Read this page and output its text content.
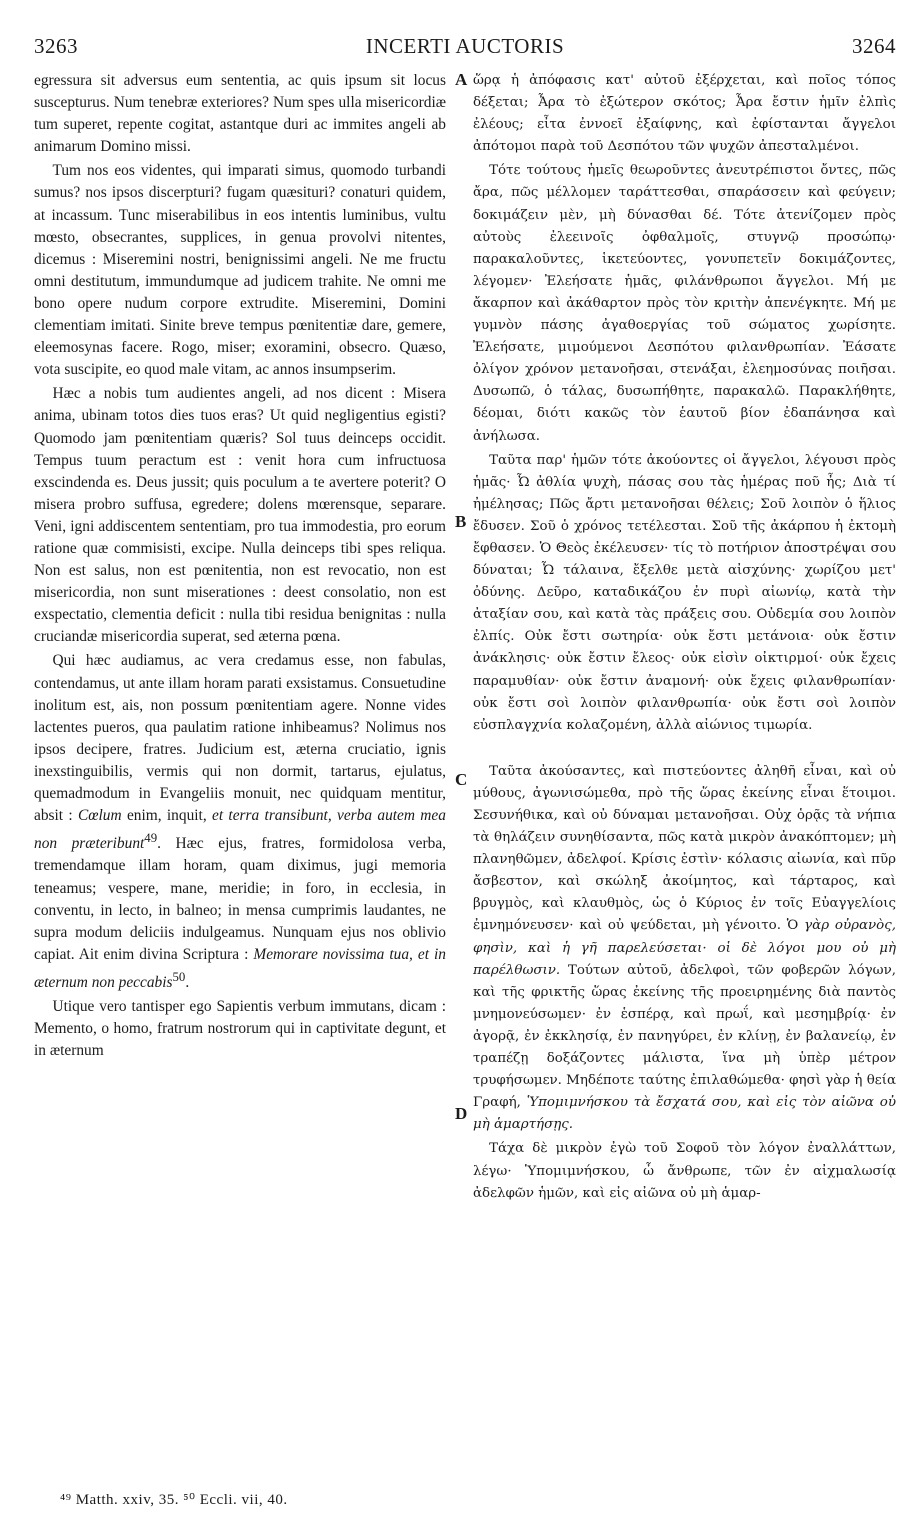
INCERTI AUCTORIS
3263	3264

egressura sit adversus eum sententia, ac quis ipsum sit locus suscepturus. Num tenebræ exteriores? Num spes ulla misericordiæ tum superet, repente cogitat, astantque duri ac immites angeli ab animarum Domino missi.

Tum nos eos videntes, qui imparati simus, quomodo turbandi sumus? nos ipsos discerpturi? fugam quæsituri? conaturi quidem, at incassum. Tunc miserabilibus in eos intentis luminibus, vultu mœsto, obsecrantes, supplices, in genua provolvi nitentes, dicemus : Miseremini nostri, benignissimi angeli. Ne me fructu omni destitutum, immundumque ad judicem trahite. Ne omni me bono opere nudum corpore extrudite. Miseremini, Domini clementiam imitati. Sinite breve tempus pœnitentiæ dare, gemere, eleemosynas facere. Rogo, miser; exoramini, obsecro. Quæso, vota suscipite, eo quod male vitam, ac annos insumpserim.

Hæc a nobis tum audientes angeli, ad nos dicent : Misera anima, ubinam totos dies tuos eras? Ut quid negligentius egisti? Quomodo jam pœnitentiam quæris? Sol tuus deinceps occidit. Tempus tuum peractum est : venit hora cum infructuosa exscindenda es. Deus jussit; quis poculum a te avertere poterit? O misera probro suffusa, egredere; dolens mœrensque, separare. Veni, igni addiscentem sententiam, pro tua immodestia, pro eorum ratione quæ commisisti, excipe. Nulla deinceps tibi spes reliqua. Non est salus, non est pœnitentia, non est revocatio, non est misericordia, non sunt miserationes : deest consolatio, non est exspectatio, clementia deficit : nulla tibi residua benignitas : nulla cruciandæ misericordia superat, sed æterna pœna.

Qui hæc audiamus, ac vera credamus esse, non fabulas, contendamus, ut ante illam horam parati exsistamus. Consuetudine inolitum est, ais, non possum pœnitentiam agere. Nonne vides lactentes pueros, qua paulatim ratione inhibeamus? Nolimus nos ipsos decipere, fratres. Judicium est, æterna cruciatio, ignis inexstinguibilis, vermis qui non dormit, tartarus, ejulatus, quemadmodum in Evangeliis monuit, nec quidquam mentitur, absit : Cœlum enim, inquit, et terra transibunt, verba autem mea non præteribunt$^{49}$. Hæc ejus, fratres, formidolosa verba, tremendamque illam horam, quam diximus, jugi memoria teneamus; vespere, mane, meridie; in foro, in ecclesia, in conventu, in lecto, in balneo; in mensa cumprimis laudantes, ne supra modum deliciis indulgeamus. Nunquam ejus nos oblivio capiat. Ait enim divina Scriptura : Memorare novissima tua, et in æternum non peccabis$^{50}$.

Utique vero tantisper ego Sapientis verbum immutans, dicam : Memento, o homo, fratrum nostrorum qui in captivitate degunt, et in æternum

A
B
C
D

ὥρᾳ ἡ ἀπόφασις κατ' αὐτοῦ ἐξέρχεται, καὶ ποῖος τόπος δέξεται; Ἆρα τὸ ἐξώτερον σκότος; Ἆρα ἔστιν ἡμῖν ἐλπὶς ἐλέους; εἶτα ἐννοεῖ ἐξαίφνης, καὶ ἐφίστανται ἄγγελοι ἀπότομοι παρὰ τοῦ Δεσπότου τῶν ψυχῶν ἀπεσταλμένοι.

Τότε τούτους ἡμεῖς θεωροῦντες ἀνευτρέπιστοι ὄντες, πῶς ἄρα, πῶς μέλλομεν ταράττεσθαι, σπαράσσειν καὶ φεύγειν; δοκιμάζειν μὲν, μὴ δύνασθαι δέ. Τότε ἀτενίζομεν πρὸς αὐτοὺς ἐλεεινοῖς ὀφθαλμοῖς, στυγνῷ προσώπῳ· παρακαλοῦντες, ἱκετεύοντες, γονυπετεῖν δοκιμάζοντες, λέγομεν· Ἐλεήσατε ἡμᾶς, φιλάνθρωποι ἄγγελοι. Μή με ἄκαρπον καὶ ἀκάθαρτον πρὸς τὸν κριτὴν ἀπενέγκητε. Μή με γυμνὸν πάσης ἀγαθοεργίας τοῦ σώματος χωρίσητε. Ἐλεήσατε, μιμούμενοι Δεσπότου φιλανθρωπίαν. Ἐάσατε ὀλίγον χρόνον μετανοῆσαι, στενάξαι, ἐλεημοσύνας ποιῆσαι. Δυσωπῶ, ὁ τάλας, δυσωπήθητε, παρακαλῶ. Παρακλήθητε, δέομαι, διότι κακῶς τὸν ἑαυτοῦ βίον ἐδαπάνησα καὶ ἀνήλωσα.

Ταῦτα παρ' ἡμῶν τότε ἀκούοντες οἱ ἄγγελοι, λέγουσι πρὸς ἡμᾶς· Ὦ ἀθλία ψυχὴ, πάσας σου τὰς ἡμέρας ποῦ ἦς; Διὰ τί ἠμέλησας; Πῶς ἄρτι μετανοῆσαι θέλεις; Σοῦ λοιπὸν ὁ ἥλιος ἔδυσεν. Σοῦ ὁ χρόνος τετέλεσται. Σοῦ τῆς ἀκάρπου ἡ ἐκτομὴ ἔφθασεν. Ὁ Θεὸς ἐκέλευσεν· τίς τὸ ποτήριον ἀποστρέψαι σου δύναται; Ὦ τάλαινα, ἔξελθε μετὰ αἰσχύνης· χωρίζου μετ' ὀδύνης. Δεῦρο, καταδικάζου ἐν πυρὶ αἰωνίῳ, κατὰ τὴν ἀταξίαν σου, καὶ κατὰ τὰς πράξεις σου. Οὐδεμία σου λοιπὸν ἐλπίς. Οὐκ ἔστι σωτηρία· οὐκ ἔστι μετάνοια· οὐκ ἔστιν ἀνάκλησις· οὐκ ἔστιν ἔλεος· οὐκ εἰσὶν οἰκτιρμοί· οὐκ ἔχεις παραμυθίαν· οὐκ ἔστιν ἀναμονή· οὐκ ἔχεις φιλανθρωπίαν· οὐκ ἔστι σοὶ λοιπὸν φιλανθρωπία· οὐκ ἔστι σοὶ λοιπὸν εὐσπλαγχνία κολαζομένη, ἀλλὰ αἰώνιος τιμωρία.

Ταῦτα ἀκούσαντες, καὶ πιστεύοντες ἀληθῆ εἶναι, καὶ οὐ μύθους, ἀγωνισώμεθα, πρὸ τῆς ὥρας ἐκείνης εἶναι ἕτοιμοι. Σεσυνήθικα, καὶ οὐ δύναμαι μετανοῆσαι. Οὐχ ὁρᾷς τὰ νήπια τὰ θηλάζειν συνηθίσαντα, πῶς κατὰ μικρὸν ἀνακόπτομεν; μὴ πλανηθῶμεν, ἀδελφοί. Κρίσις ἐστὶν· κόλασις αἰωνία, καὶ πῦρ ἄσβεστον, καὶ σκώληξ ἀκοίμητος, καὶ τάρταρος, καὶ βρυγμὸς, καὶ κλαυθμὸς, ὡς ὁ Κύριος ἐν τοῖς Εὐαγγελίοις ἐμνημόνευσεν· καὶ οὐ ψεύδεται, μὴ γένοιτο. Ὁ γὰρ οὐρανὸς, φησὶν, καὶ ἡ γῆ παρελεύσεται· οἱ δὲ λόγοι μου οὐ μὴ παρέλθωσιν. Τούτων αὐτοῦ, ἀδελφοὶ, τῶν φοβερῶν λόγων, καὶ τῆς φρικτῆς ὥρας ἐκείνης τῆς προειρημένης διὰ παντὸς μνημονεύσωμεν· ἐν ἑσπέρᾳ, καὶ πρωΐ, καὶ μεσημβρίᾳ· ἐν ἀγορᾷ, ἐν ἐκκλησίᾳ, ἐν πανηγύρει, ἐν κλίνῃ, ἐν βαλανείῳ, ἐν τραπέζῃ δοξάζοντες μάλιστα, ἵνα μὴ ὑπὲρ μέτρον τρυφήσωμεν. Μηδέποτε ταύτης ἐπιλαθώμεθα· φησὶ γὰρ ἡ θεία Γραφή, Ὑπομιμνήσκου τὰ ἔσχατά σου, καὶ εἰς τὸν αἰῶνα οὐ μὴ ἁμαρτήσῃς.

Τάχα δὲ μικρὸν ἐγὼ τοῦ Σοφοῦ τὸν λόγον ἐναλλάττων, λέγω· Ὑπομιμνήσκου, ὦ ἄνθρωπε, τῶν ἐν αἰχμαλωσίᾳ ἀδελφῶν ἡμῶν, καὶ εἰς αἰῶνα οὐ μὴ ἁμαρ-

⁴⁹ Matth. xxiv, 35. ⁵⁰ Eccli. vii, 40.
